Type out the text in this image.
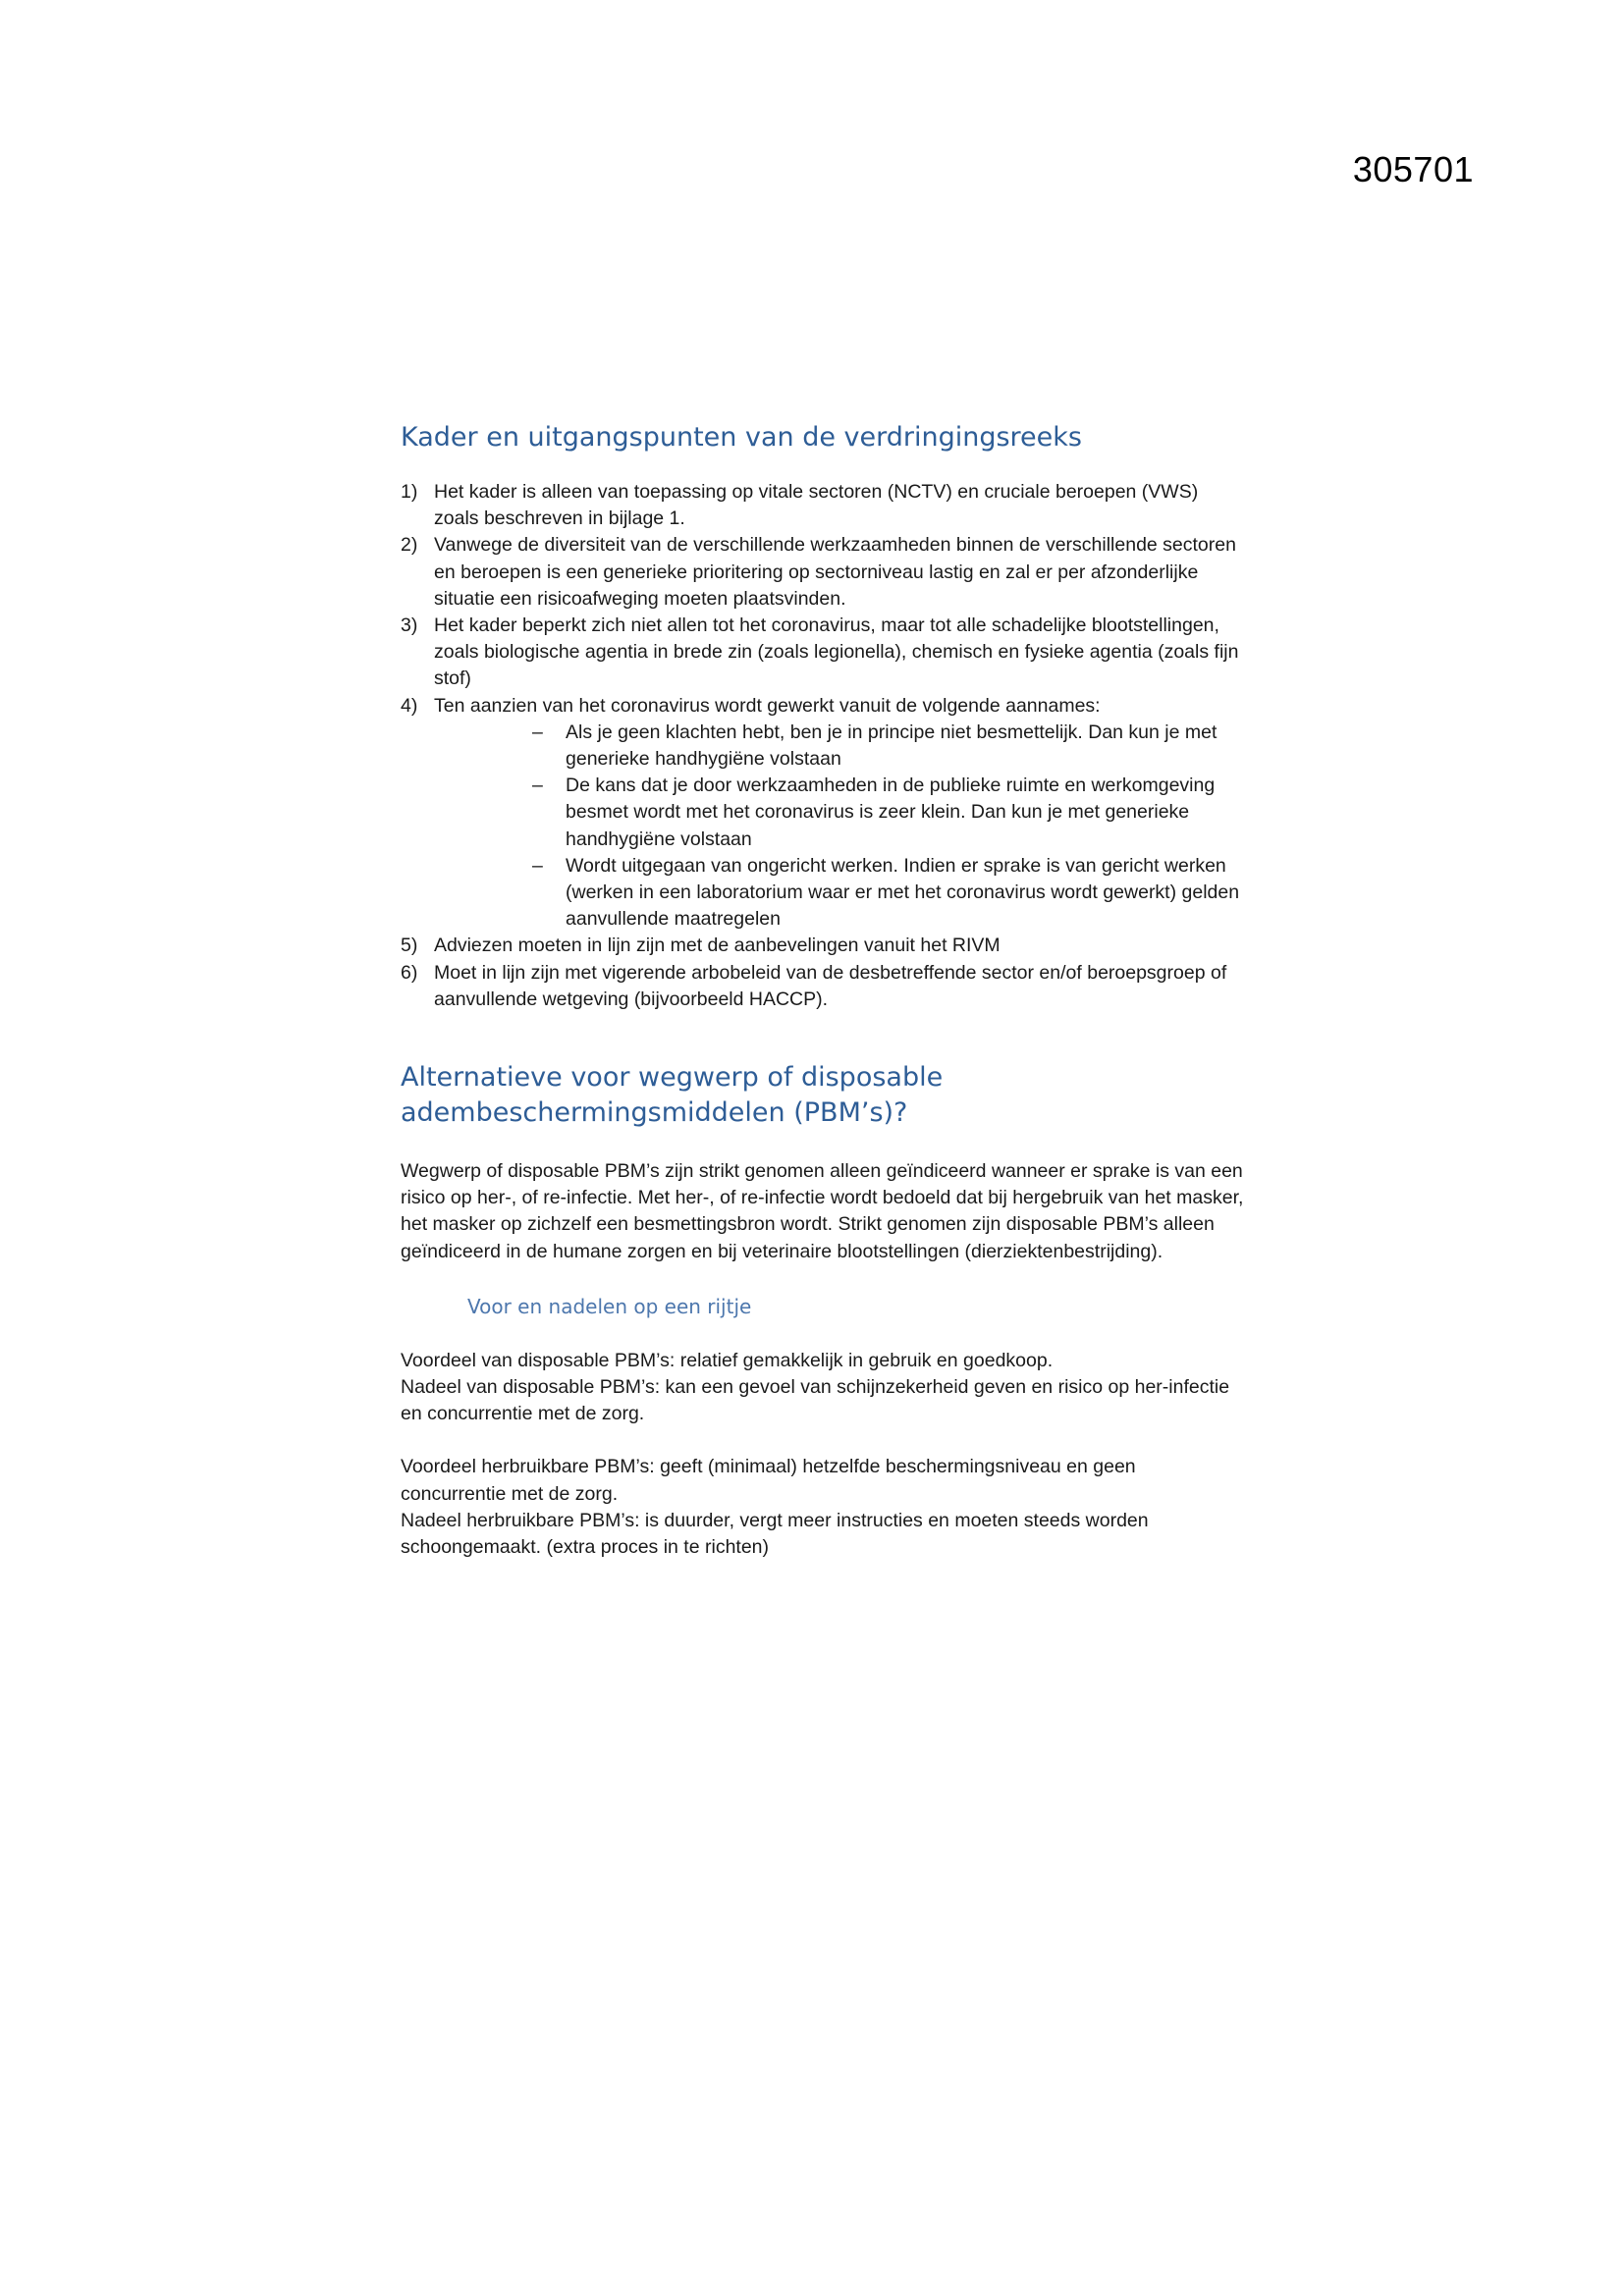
305701
Kader en uitgangspunten van de verdringingsreeks
1) Het kader is alleen van toepassing op vitale sectoren (NCTV) en cruciale beroepen (VWS) zoals beschreven in bijlage 1.
2) Vanwege de diversiteit van de verschillende werkzaamheden binnen de verschillende sectoren en beroepen is een generieke prioritering op sectorniveau lastig en zal er per afzonderlijke situatie een risicoafweging moeten plaatsvinden.
3) Het kader beperkt zich niet allen tot het coronavirus, maar tot alle schadelijke blootstellingen, zoals biologische agentia in brede zin (zoals legionella), chemisch en fysieke agentia (zoals fijn stof)
4) Ten aanzien van het coronavirus wordt gewerkt vanuit de volgende aannames:
– Als je geen klachten hebt, ben je in principe niet besmettelijk. Dan kun je met generieke handhygiëne volstaan
– De kans dat je door werkzaamheden in de publieke ruimte en werkomgeving besmet wordt met het coronavirus is zeer klein. Dan kun je met generieke handhygiëne volstaan
– Wordt uitgegaan van ongericht werken. Indien er sprake is van gericht werken (werken in een laboratorium waar er met het coronavirus wordt gewerkt) gelden aanvullende maatregelen
5) Adviezen moeten in lijn zijn met de aanbevelingen vanuit het RIVM
6) Moet in lijn zijn met vigerende arbobeleid van de desbetreffende sector en/of beroepsgroep of aanvullende wetgeving (bijvoorbeeld HACCP).
Alternatieve voor wegwerp of disposable adembeschermingsmiddelen (PBM’s)?

Wegwerp of disposable PBM’s zijn strikt genomen alleen geïndiceerd wanneer er sprake is van een risico op her-, of re-infectie. Met her-, of re-infectie wordt bedoeld dat bij hergebruik van het masker, het masker op zichzelf een besmettingsbron wordt. Strikt genomen zijn disposable PBM’s alleen geïndiceerd in de humane zorgen en bij veterinaire blootstellingen (dierziektenbestrijding).

Voor en nadelen op een rijtje

Voordeel van disposable PBM’s: relatief gemakkelijk in gebruik en goedkoop.

Nadeel van disposable PBM’s: kan een gevoel van schijnzekerheid geven en risico op her-infectie en concurrentie met de zorg.

Voordeel herbruikbare PBM’s: geeft (minimaal) hetzelfde beschermingsniveau en geen concurrentie met de zorg.

Nadeel herbruikbare PBM’s: is duurder, vergt meer instructies en moeten steeds worden schoongemaakt. (extra proces in te richten)
